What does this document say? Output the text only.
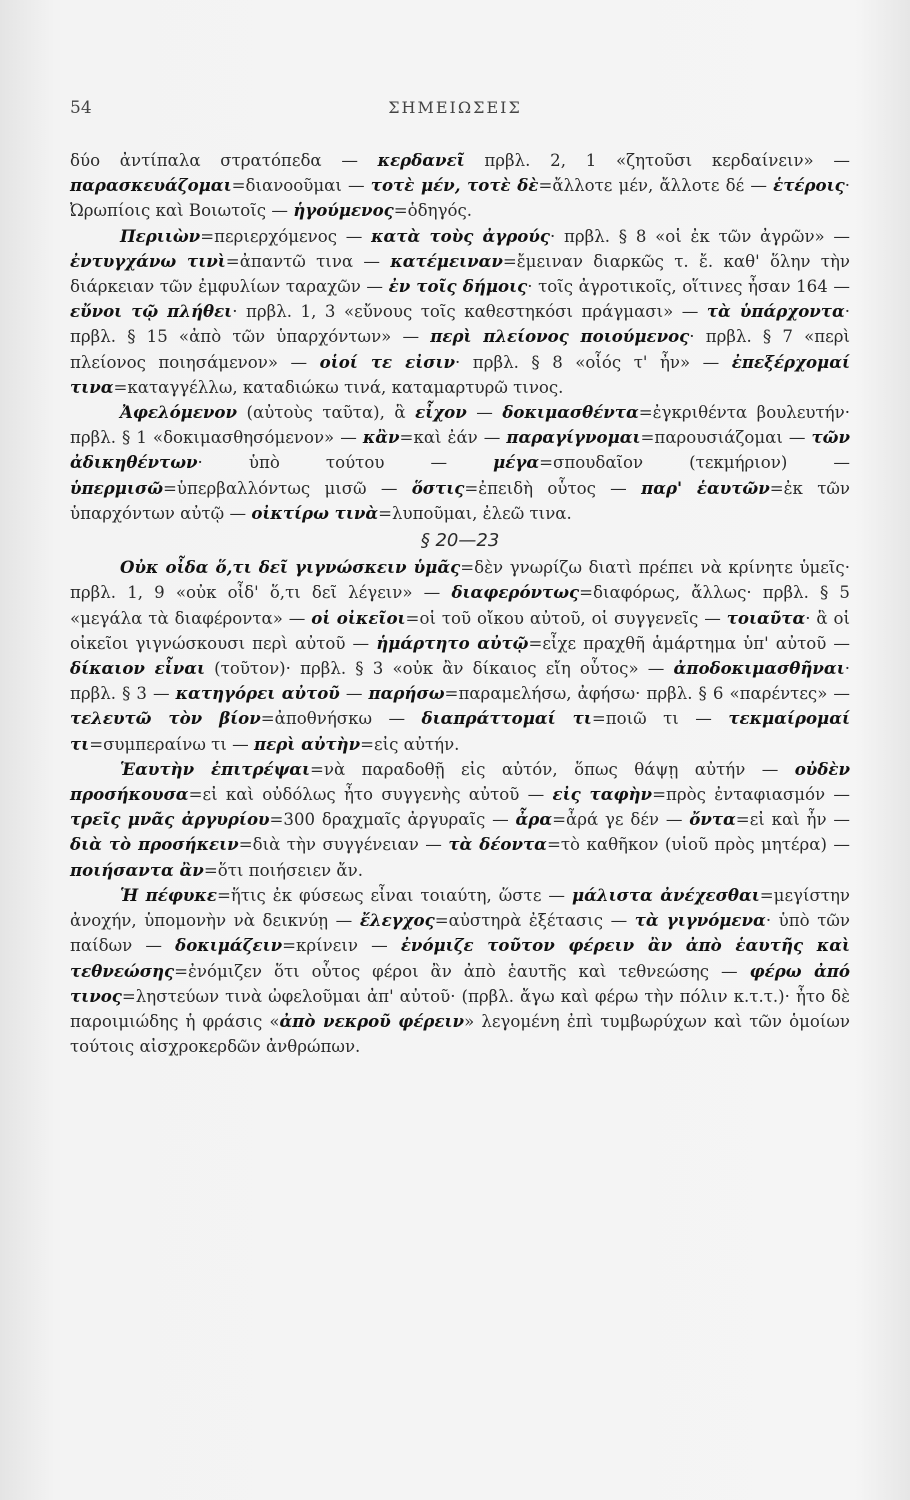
54	ΣΗΜΕΙΩΣΕΙΣ

δύο ἀντίπαλα στρατόπεδα — κερδανεῖ πρβλ. 2, 1 «ζητοῦσι κερδαίνειν» — παρασκευάζομαι=διανοοῦμαι — τοτὲ μέν, τοτὲ δὲ=ἄλλοτε μέν, ἄλλοτε δέ — ἑτέροις· Ὠρωπίοις καὶ Βοιωτοῖς — ἡγούμενος=ὁδηγός.

Περιιὼν=περιερχόμενος — κατὰ τοὺς ἀγρούς· πρβλ. § 8 «οἱ ἐκ τῶν ἀγρῶν» — ἐντυγχάνω τινὶ=ἀπαντῶ τινα — κατέμειναν=ἔμειναν διαρκῶς τ. ἔ. καθ' ὅλην τὴν διάρκειαν τῶν ἐμφυλίων ταραχῶν — ἐν τοῖς δήμοις· τοῖς ἀγροτικοῖς, οἵτινες ἦσαν 164 — εὔνοι τῷ πλήθει· πρβλ. 1, 3 «εὔνους τοῖς καθεστηκόσι πράγμασι» — τὰ ὑπάρχοντα· πρβλ. § 15 «ἀπὸ τῶν ὑπαρχόντων» — περὶ πλείονος ποιούμενος· πρβλ. § 7 «περὶ πλείονος ποιησάμενον» — οἱοί τε εἰσιν· πρβλ. § 8 «οἷός τ' ἦν» — ἐπεξέρχομαί τινα=καταγγέλλω, καταδιώκω τινά, καταμαρτυρῶ τινος.

Ἀφελόμενον (αὐτοὺς ταῦτα), ἃ εἶχον — δοκιμασθέντα=ἐγκριθέντα βουλευτήν· πρβλ. § 1 «δοκιμασθησόμενον» — κἂν=καὶ ἐάν — παραγίγνομαι=παρουσιάζομαι — τῶν ἀδικηθέντων· ὑπὸ τούτου — μέγα=σπουδαῖον (τεκμήριον) — ὑπερμισῶ=ὑπερβαλλόντως μισῶ — ὅστις=ἐπειδὴ οὗτος — παρ' ἑαυτῶν=ἐκ τῶν ὑπαρχόντων αὐτῷ — οἰκτίρω τινὰ=λυποῦμαι, ἐλεῶ τινα.

§ 20—23

Οὐκ οἶδα ὅ,τι δεῖ γιγνώσκειν ὑμᾶς=δὲν γνωρίζω διατὶ πρέπει νὰ κρίνητε ὑμεῖς· πρβλ. 1, 9 «οὐκ οἶδ' ὅ,τι δεῖ λέγειν» — διαφερόντως=διαφόρως, ἄλλως· πρβλ. § 5 «μεγάλα τὰ διαφέροντα» — οἱ οἰκεῖοι=οἱ τοῦ οἴκου αὐτοῦ, οἱ συγγενεῖς — τοιαῦτα· ἃ οἱ οἰκεῖοι γιγνώσκουσι περὶ αὐτοῦ — ἡμάρτητο αὐτῷ=εἶχε πραχθῆ ἁμάρτημα ὑπ' αὐτοῦ — δίκαιον εἶναι (τοῦτον)· πρβλ. § 3 «οὐκ ἂν δίκαιος εἴη οὗτος» — ἀποδοκιμασθῆναι· πρβλ. § 3 — κατηγόρει αὐτοῦ — παρήσω=παραμελήσω, ἀφήσω· πρβλ. § 6 «παρέντες» — τελευτῶ τὸν βίον=ἀποθνήσκω — διαπράττομαί τι=ποιῶ τι — τεκμαίρομαί τι=συμπεραίνω τι — περὶ αὐτὴν=εἰς αὐτήν.

Ἑαυτὴν ἐπιτρέψαι=νὰ παραδοθῇ εἰς αὐτόν, ὅπως θάψῃ αὐτήν — οὐδὲν προσήκουσα=εἰ καὶ οὐδόλως ἦτο συγγενὴς αὐτοῦ — εἰς ταφὴν=πρὸς ἐνταφιασμόν — τρεῖς μνᾶς ἀργυρίου=300 δραχμαῖς ἀργυραῖς — ἆρα=ἆρά γε δέν — ὄντα=εἰ καὶ ἦν — διὰ τὸ προσήκειν=διὰ τὴν συγγένειαν — τὰ δέοντα=τὸ καθῆκον (υἱοῦ πρὸς μητέρα) — ποιήσαντα ἂν=ὅτι ποιήσειεν ἄν.

Ἡ πέφυκε=ἥτις ἐκ φύσεως εἶναι τοιαύτη, ὥστε — μάλιστα ἀνέχεσθαι=μεγίστην ἀνοχήν, ὑπομονὴν νὰ δεικνύῃ — ἔλεγχος=αὐστηρὰ ἐξέτασις — τὰ γιγνόμενα· ὑπὸ τῶν παίδων — δοκιμάζειν=κρίνειν — ἐνόμιζε τοῦτον φέρειν ἂν ἀπὸ ἑαυτῆς καὶ τεθνεώσης=ἐνόμιζεν ὅτι οὗτος φέροι ἂν ἀπὸ ἑαυτῆς καὶ τεθνεώσης — φέρω ἀπό τινος=ληστεύων τινὰ ὠφελοῦμαι ἀπ' αὐτοῦ· (πρβλ. ἄγω καὶ φέρω τὴν πόλιν κ.τ.τ.)· ἦτο δὲ παροιμιώδης ἡ φράσις «ἀπὸ νεκροῦ φέρειν» λεγομένη ἐπὶ τυμβωρύχων καὶ τῶν ὁμοίων τούτοις αἰσχροκερδῶν ἀνθρώπων.
